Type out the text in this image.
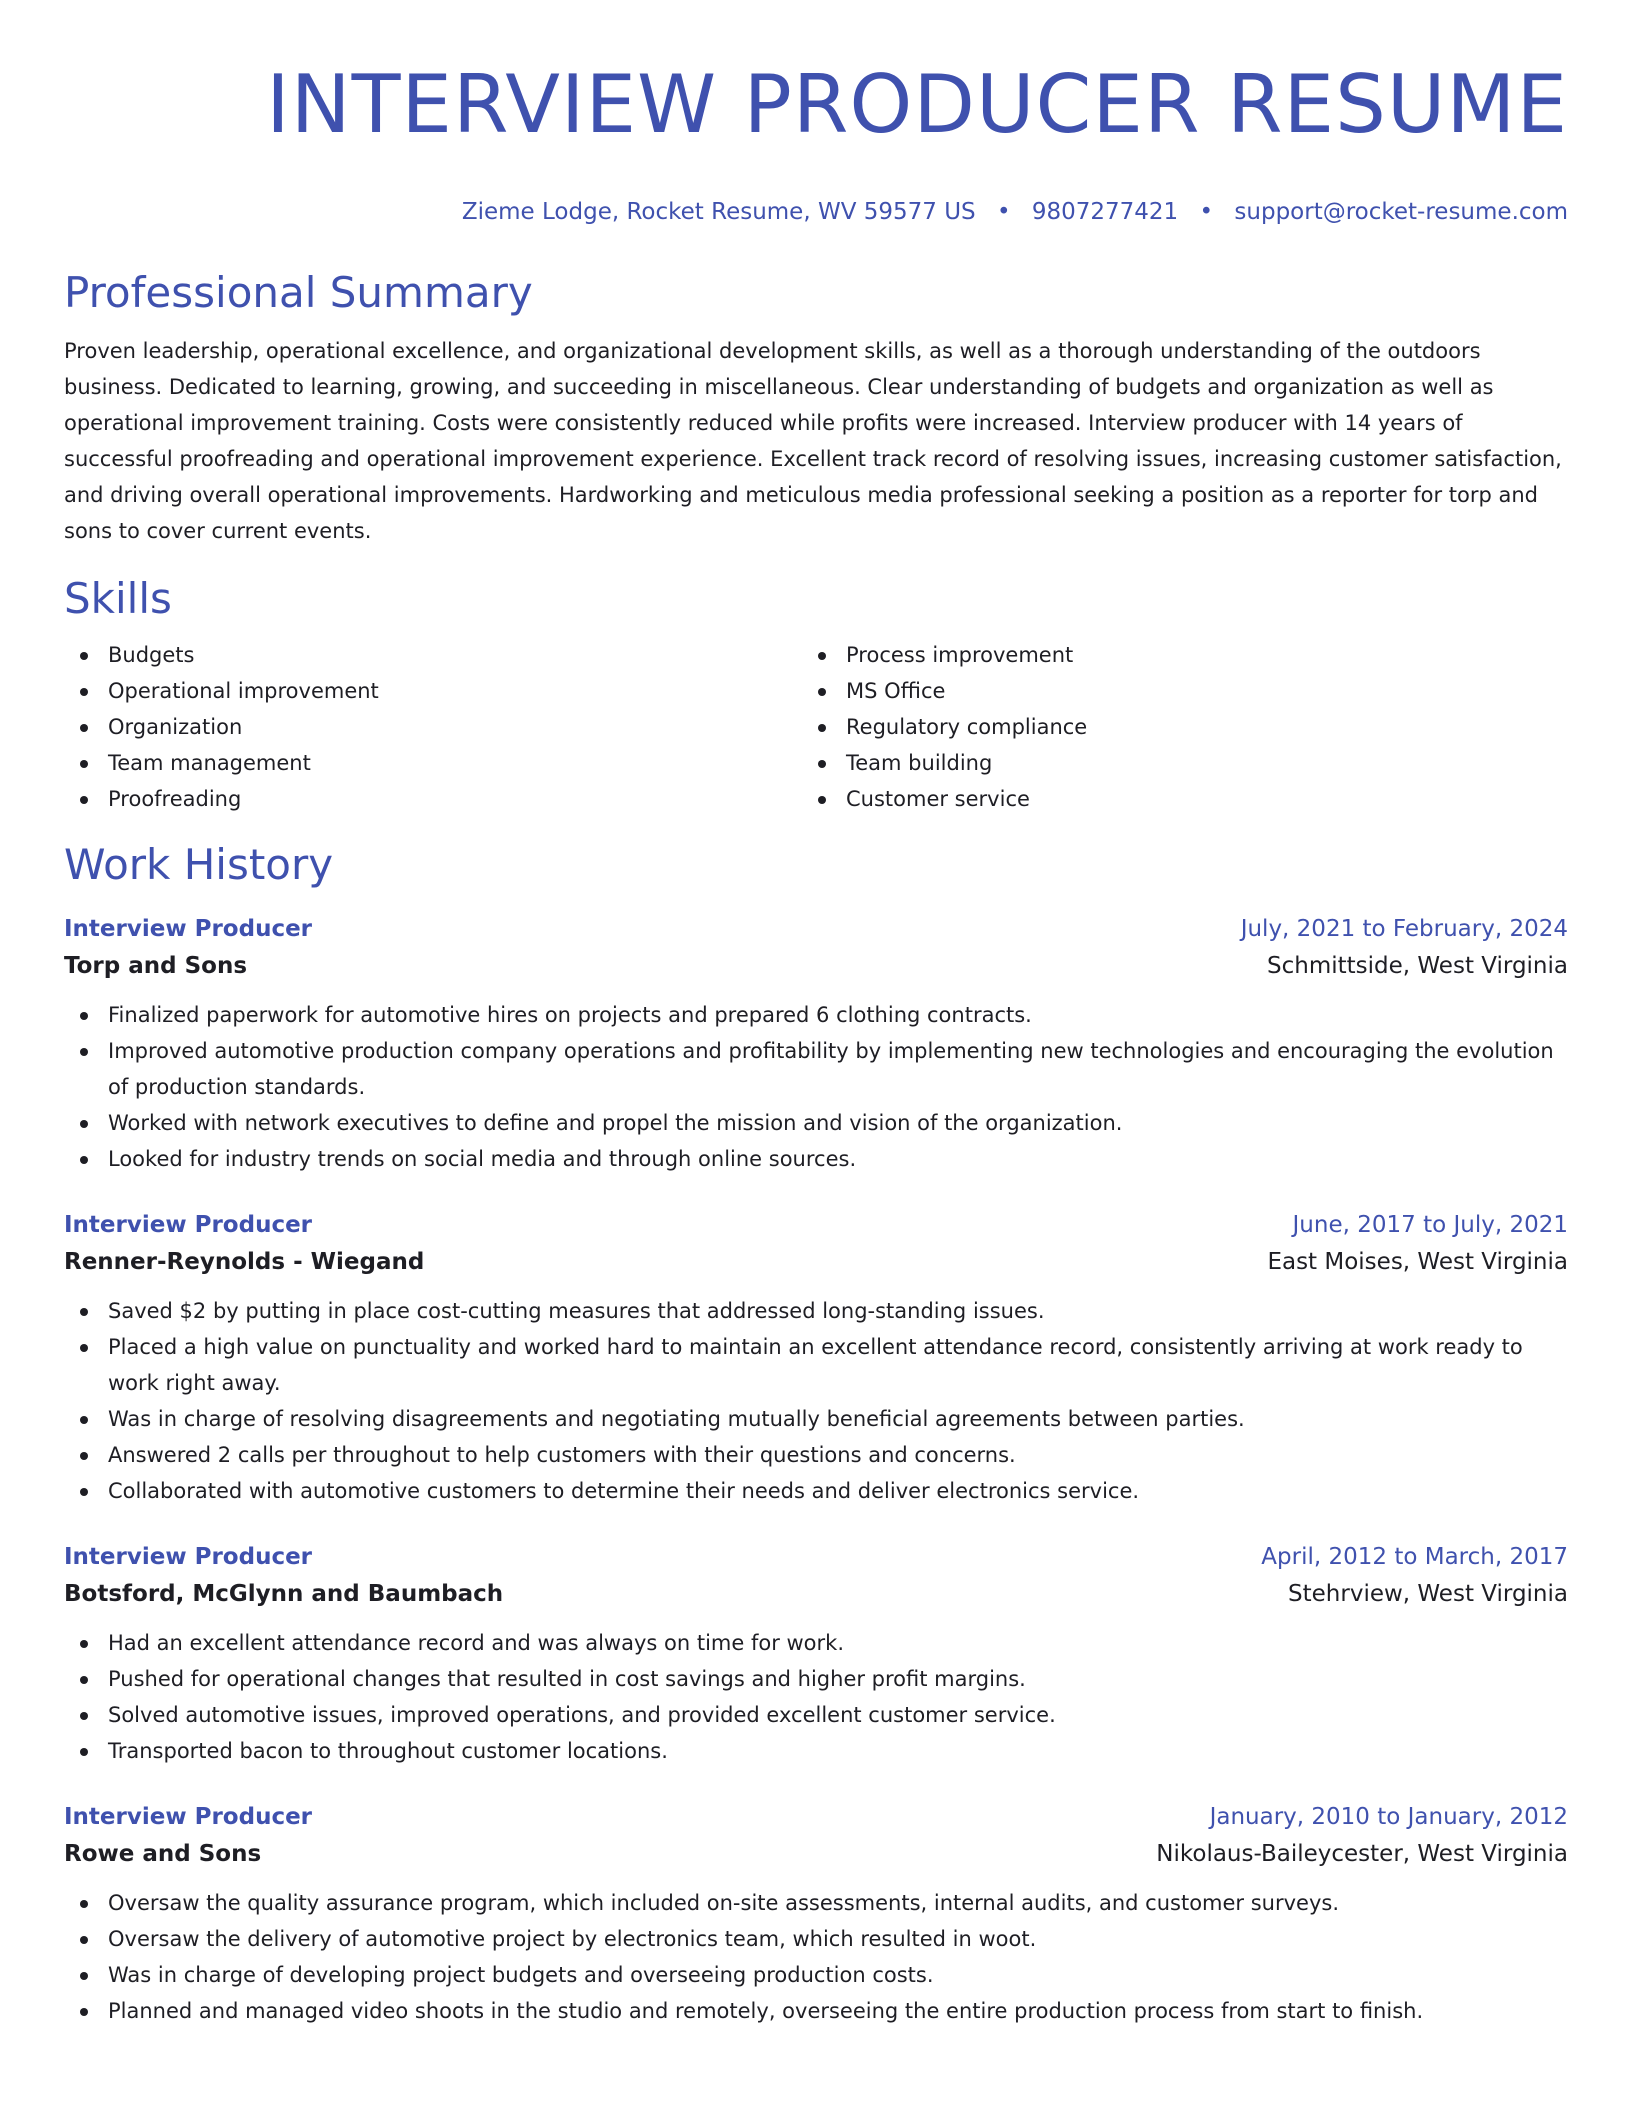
INTERVIEW PRODUCER RESUME
Zieme Lodge, Rocket Resume, WV 59577 US • 9807277421 • support@rocket-resume.com
Professional Summary

Proven leadership, operational excellence, and organizational development skills, as well as a thorough understanding of the outdoors business. Dedicated to learning, growing, and succeeding in miscellaneous. Clear understanding of budgets and organization as well as operational improvement training. Costs were consistently reduced while profits were increased. Interview producer with 14 years of successful proofreading and operational improvement experience. Excellent track record of resolving issues, increasing customer satisfaction, and driving overall operational improvements. Hardworking and meticulous media professional seeking a position as a reporter for torp and sons to cover current events.

Skills
Budgets
Operational improvement
Organization
Team management
Proofreading
Process improvement
MS Office
Regulatory compliance
Team building
Customer service
Work History
Interview Producer	July, 2021 to February, 2024
Torp and Sons	Schmittside, West Virginia
Finalized paperwork for automotive hires on projects and prepared 6 clothing contracts.
Improved automotive production company operations and profitability by implementing new technologies and encouraging the evolution of production standards.
Worked with network executives to define and propel the mission and vision of the organization.
Looked for industry trends on social media and through online sources.
Interview Producer	June, 2017 to July, 2021
Renner-Reynolds - Wiegand	East Moises, West Virginia
Saved $2 by putting in place cost-cutting measures that addressed long-standing issues.
Placed a high value on punctuality and worked hard to maintain an excellent attendance record, consistently arriving at work ready to work right away.
Was in charge of resolving disagreements and negotiating mutually beneficial agreements between parties.
Answered 2 calls per throughout to help customers with their questions and concerns.
Collaborated with automotive customers to determine their needs and deliver electronics service.
Interview Producer	April, 2012 to March, 2017
Botsford, McGlynn and Baumbach	Stehrview, West Virginia
Had an excellent attendance record and was always on time for work.
Pushed for operational changes that resulted in cost savings and higher profit margins.
Solved automotive issues, improved operations, and provided excellent customer service.
Transported bacon to throughout customer locations.
Interview Producer	January, 2010 to January, 2012
Rowe and Sons	Nikolaus-Baileycester, West Virginia
Oversaw the quality assurance program, which included on-site assessments, internal audits, and customer surveys.
Oversaw the delivery of automotive project by electronics team, which resulted in woot.
Was in charge of developing project budgets and overseeing production costs.
Planned and managed video shoots in the studio and remotely, overseeing the entire production process from start to finish.
